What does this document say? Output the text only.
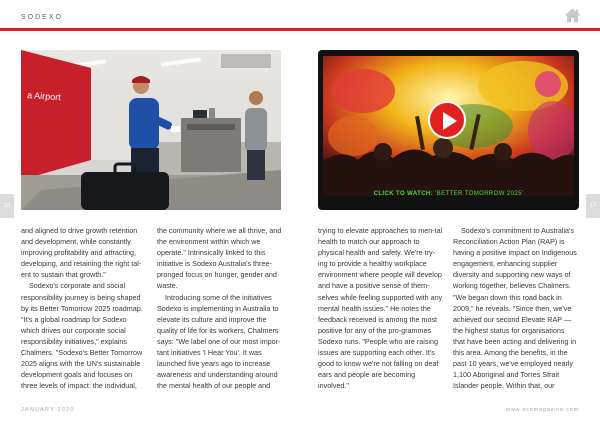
SODEXO
a Airport
CLICK TO WATCH: 'BETTER TOMORROW 2025'
16	17

and aligned to drive growth retention and development, while constantly improving profitability and attracting, developing, and retaining the right tal-ent to sustain that growth."

Sodexo's corporate and social responsibility journey is being shaped by its Better Tomorrow 2025 roadmap. "It's a global roadmap for Sodexo which drives our corporate social responsibility initiatives," explains Chalmers. "Sodexo's Better Tomorrow 2025 aligns with the UN's sustainable development goals and focuses on three levels of impact: the individual,

the community where we all thrive, and the environment within which we operate." Intrinsically linked to this initiative is Sodexo Australia's three-pronged focus on hunger, gender and waste.

Introducing some of the initiatives Sodexo is implementing in Australia to elevate its culture and improve the quality of life for its workers, Chalmers says: "We label one of our most impor-tant initiatives 'I Hear You'. It was launched five years ago to increase awareness and understanding around the mental health of our people and

trying to elevate approaches to men-tal health to match our approach to physical health and safety. We're try-ing to provide a healthy workplace environment where people will develop and have a positive sense of them-selves while feeling supported with any mental health issues." He notes the feedback received is among the most positive for any of the pro-grammes Sodexo runs. "People who are raising issues are supporting each other. It's good to know we're not falling on deaf ears and people are becoming involved."

Sodexo's commitment to Australia's Reconciliation Action Plan (RAP) is having a positive impact on Indigenous engagement, enhancing supplier diversity and supporting new ways of working together, believes Chalmers. "We began down this road back in 2009," he reveals. "Since then, we've achieved our second Elevate RAP — the highest status for organisations that have been acting and delivering in this area. Among the benefits, in the past 10 years, we've employed nearly 1,100 Aboriginal and Torres Strait Islander people. Within that, our

JANUARY 2020	www.ecomagazine.com
